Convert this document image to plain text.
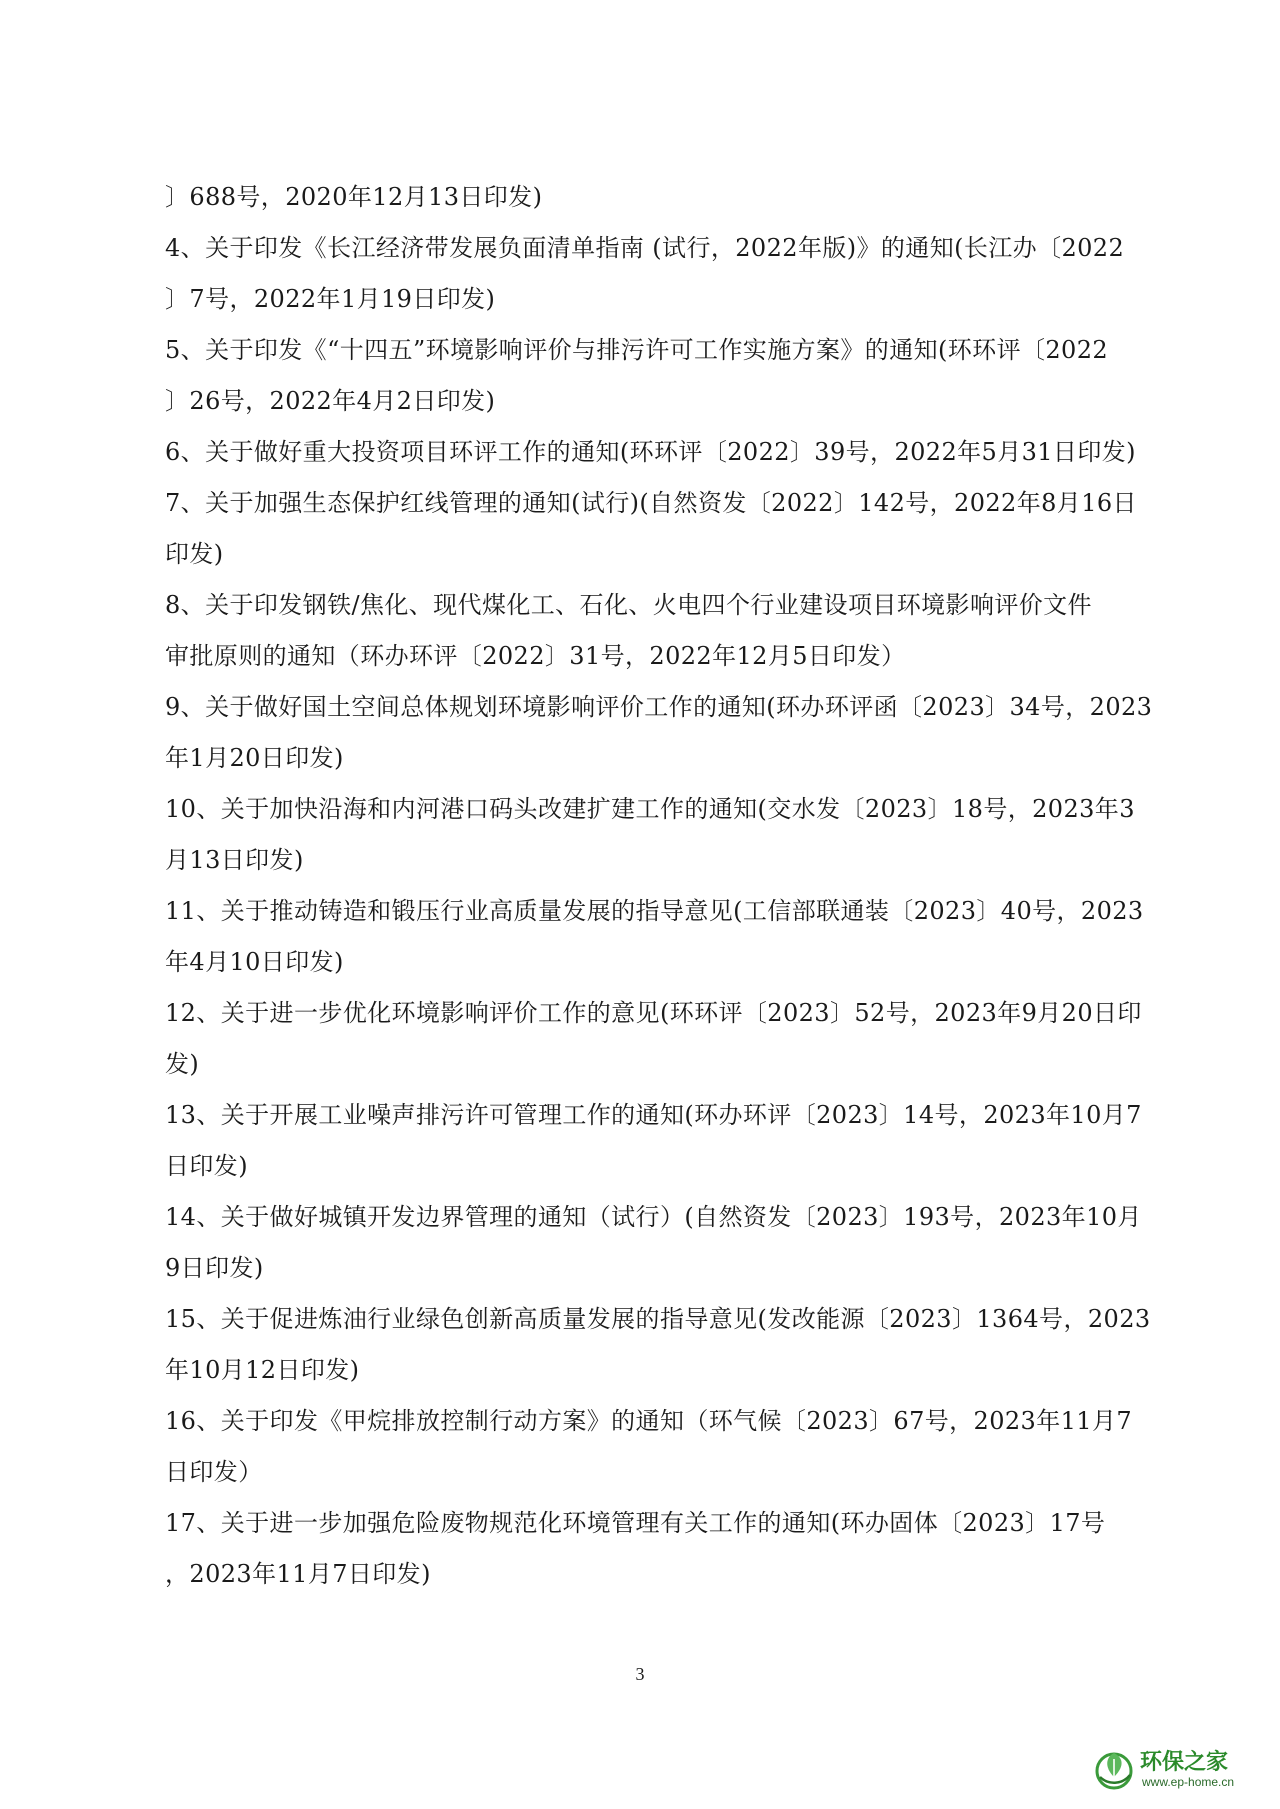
〕688号，2020年12月13日印发)
4、关于印发《长江经济带发展负面清单指南 (试行，2022年版)》的通知(长江办〔2022
〕7号，2022年1月19日印发)
5、关于印发《“十四五”环境影响评价与排污许可工作实施方案》的通知(环环评〔2022
〕26号，2022年4月2日印发)
6、关于做好重大投资项目环评工作的通知(环环评〔2022〕39号，2022年5月31日印发)
7、关于加强生态保护红线管理的通知(试行)(自然资发〔2022〕142号，2022年8月16日
印发)
8、关于印发钢铁/焦化、现代煤化工、石化、火电四个行业建设项目环境影响评价文件
审批原则的通知（环办环评〔2022〕31号，2022年12月5日印发）
9、关于做好国土空间总体规划环境影响评价工作的通知(环办环评函〔2023〕34号，2023
年1月20日印发)
10、关于加快沿海和内河港口码头改建扩建工作的通知(交水发〔2023〕18号，2023年3
月13日印发)
11、关于推动铸造和锻压行业高质量发展的指导意见(工信部联通装〔2023〕40号，2023
年4月10日印发)
12、关于进一步优化环境影响评价工作的意见(环环评〔2023〕52号，2023年9月20日印
发)
13、关于开展工业噪声排污许可管理工作的通知(环办环评〔2023〕14号，2023年10月7
日印发)
14、关于做好城镇开发边界管理的通知（试行）(自然资发〔2023〕193号，2023年10月
9日印发)
15、关于促进炼油行业绿色创新高质量发展的指导意见(发改能源〔2023〕1364号，2023
年10月12日印发)
16、关于印发《甲烷排放控制行动方案》的通知（环气候〔2023〕67号，2023年11月7
日印发）
17、关于进一步加强危险废物规范化环境管理有关工作的通知(环办固体〔2023〕17号
，2023年11月7日印发)
3
环保之家
www.ep-home.cn
